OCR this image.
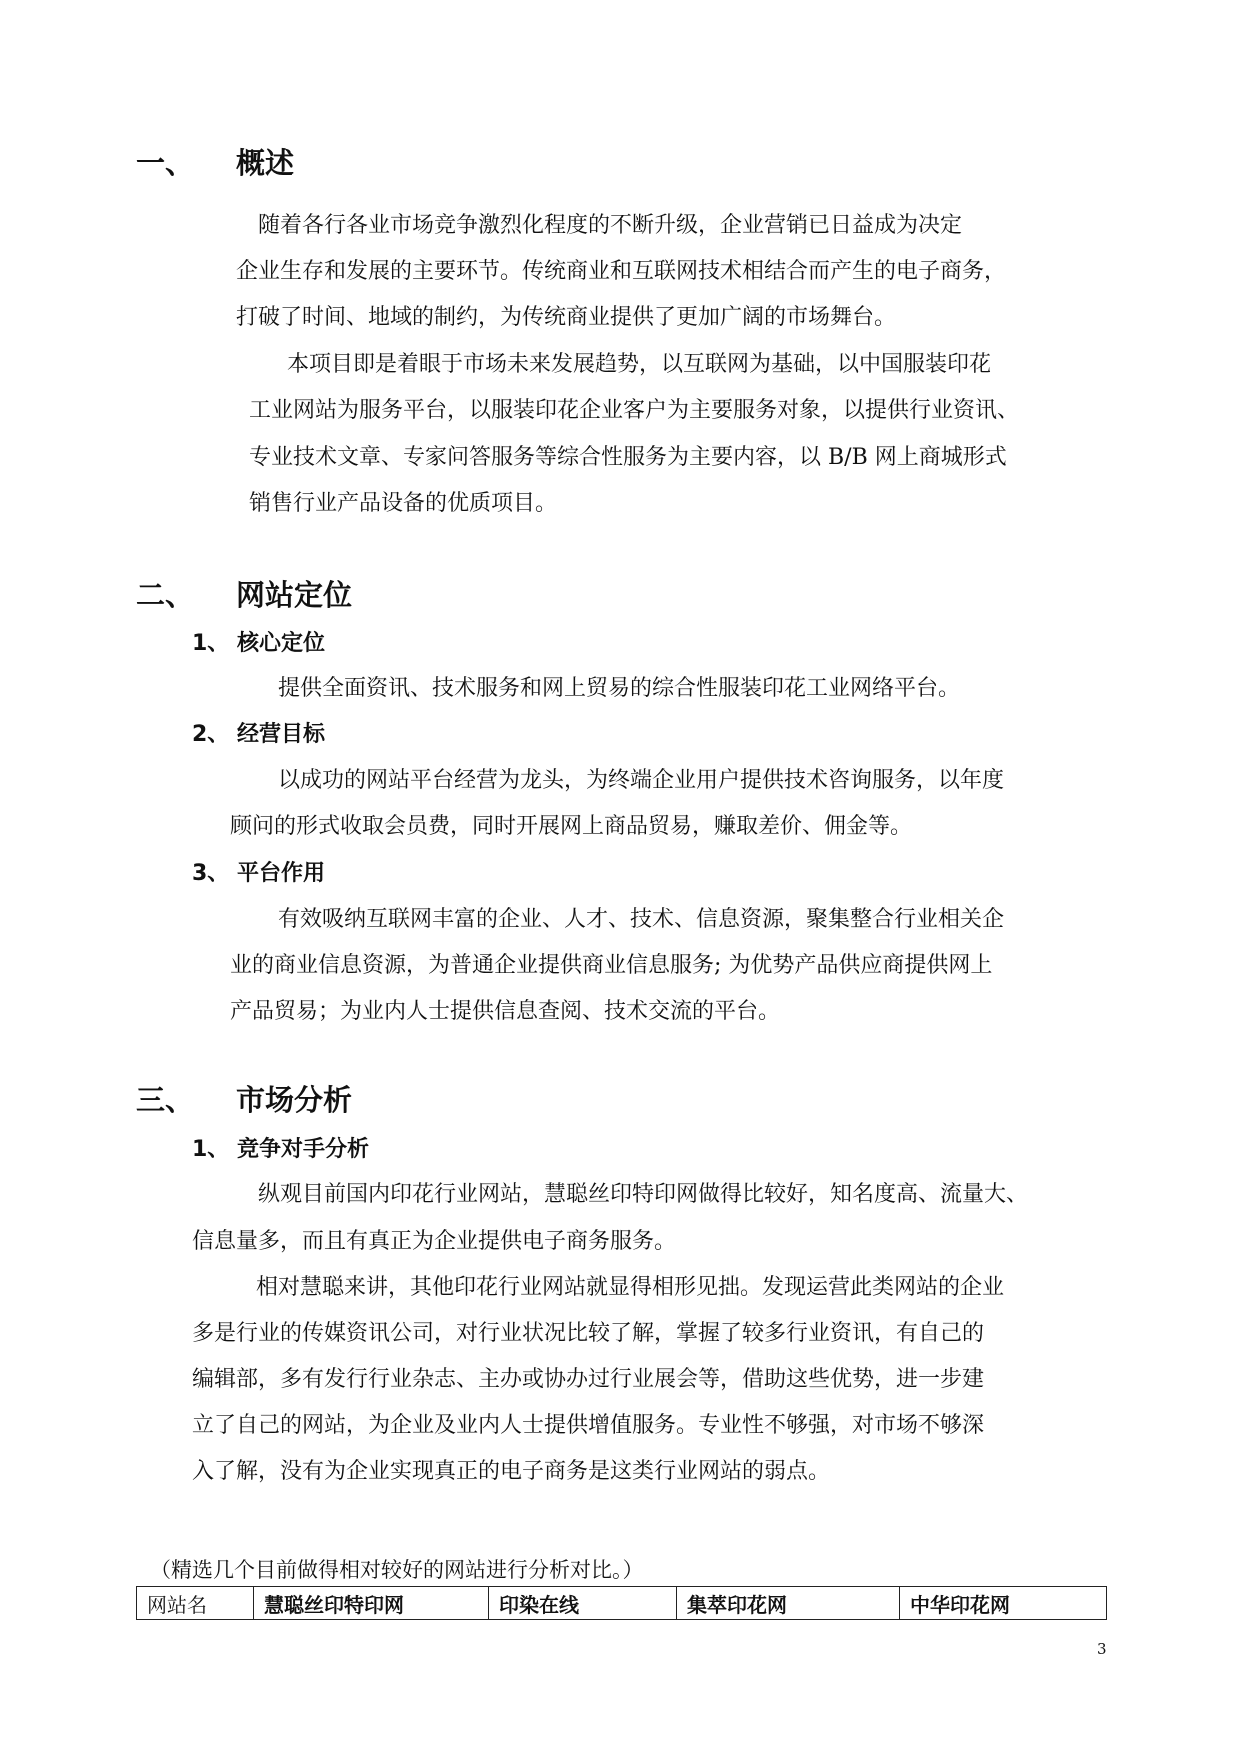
一、 概述
随着各行各业市场竞争激烈化程度的不断升级，企业营销已日益成为决定
企业生存和发展的主要环节。传统商业和互联网技术相结合而产生的电子商务，
打破了时间、地域的制约，为传统商业提供了更加广阔的市场舞台。
本项目即是着眼于市场未来发展趋势，以互联网为基础，以中国服装印花
工业网站为服务平台，以服装印花企业客户为主要服务对象，以提供行业资讯、
专业技术文章、专家问答服务等综合性服务为主要内容，以 B/B 网上商城形式
销售行业产品设备的优质项目。
二、 网站定位
1、 核心定位
提供全面资讯、技术服务和网上贸易的综合性服装印花工业网络平台。
2、 经营目标
以成功的网站平台经营为龙头，为终端企业用户提供技术咨询服务，以年度
顾问的形式收取会员费，同时开展网上商品贸易，赚取差价、佣金等。
3、 平台作用
有效吸纳互联网丰富的企业、人才、技术、信息资源，聚集整合行业相关企
业的商业信息资源，为普通企业提供商业信息服务; 为优势产品供应商提供网上
产品贸易；为业内人士提供信息查阅、技术交流的平台。
三、 市场分析
1、 竞争对手分析
纵观目前国内印花行业网站，慧聪丝印特印网做得比较好，知名度高、流量大、
信息量多，而且有真正为企业提供电子商务服务。
相对慧聪来讲，其他印花行业网站就显得相形见拙。发现运营此类网站的企业
多是行业的传媒资讯公司，对行业状况比较了解，掌握了较多行业资讯，有自己的
编辑部，多有发行行业杂志、主办或协办过行业展会等，借助这些优势，进一步建
立了自己的网站，为企业及业内人士提供增值服务。专业性不够强，对市场不够深
入了解，没有为企业实现真正的电子商务是这类行业网站的弱点。
（精选几个目前做得相对较好的网站进行分析对比。）
网站名	慧聪丝印特印网	印染在线	集萃印花网	中华印花网
3
